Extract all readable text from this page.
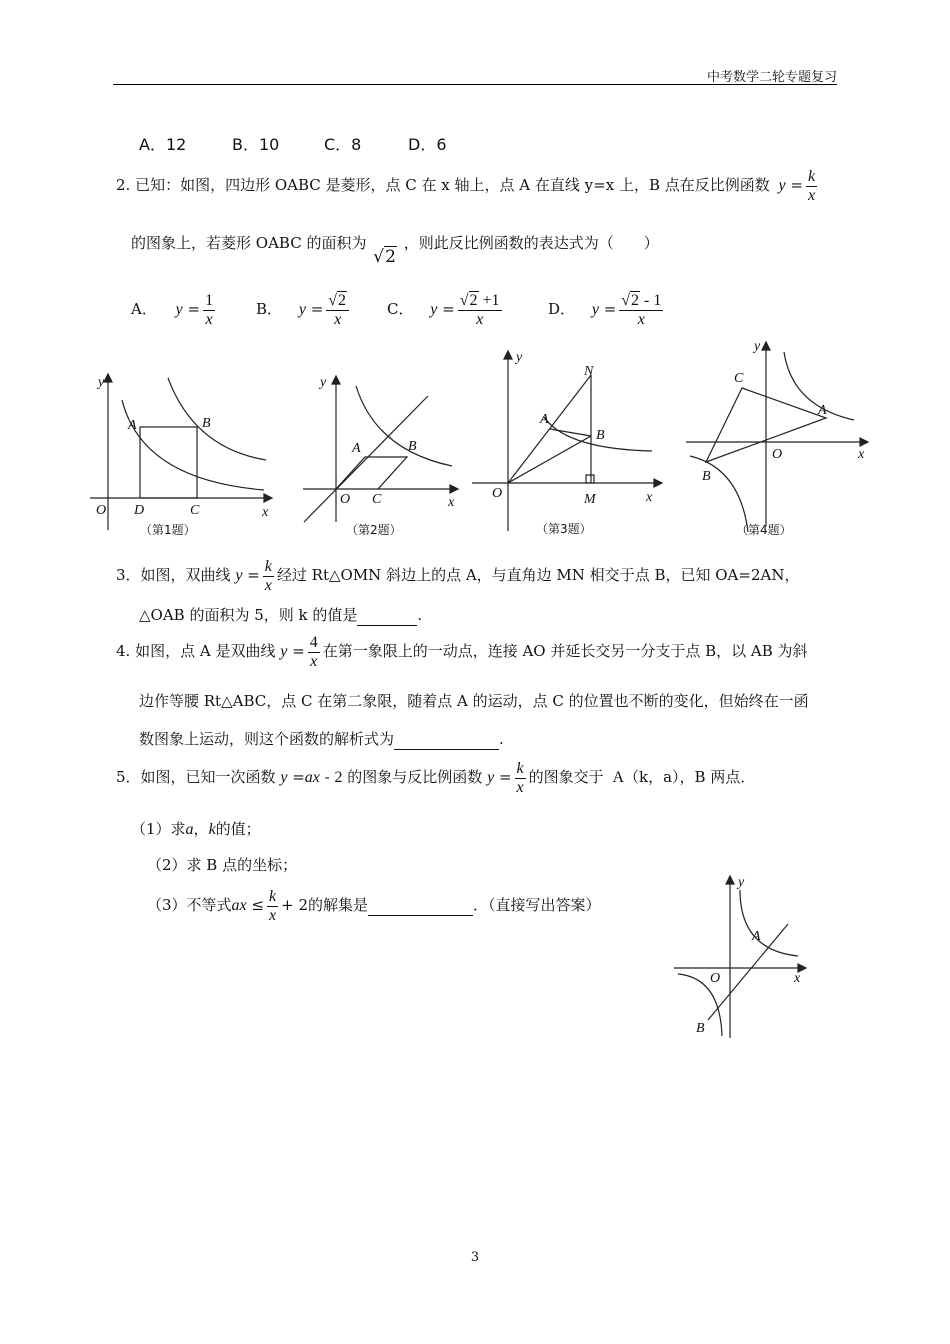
中考数学二轮专题复习
A．12	B．10	C．8	D．6
2. 已知：如图，四边形 OABC 是菱形，点 C 在 x 轴上，点 A 在直线 y=x 上，B 点在反比例函数 $y = \frac{k}{x}$
的图象上，若菱形 OABC 的面积为 √2 ，则此反比例函数的表达式为（　　）
A． $y = \frac{1}{x}$	B． $y = \frac{√2}{x}$	C． $y = \frac{√2 +1}{x}$	D． $y = \frac{√2 - 1}{x}$
y
A	B
O D	C	x
（第1题）
y
A	B
O C	x
（第2题）
y
N
A
B
O	M	x
（第3题）
y
C
A
B
O	x
（第4题）
3．如图，双曲线 $y = \frac{k}{x}$ 经过 Rt△OMN 斜边上的点 A，与直角边 MN 相交于点 B，已知 OA=2AN，
△OAB 的面积为 5，则 k 的值是　　　　	.
4. 如图，点 A 是双曲线 $y = \frac{4}{x}$ 在第一象限上的一动点，连接 AO 并延长交另一分支于点 B，以 AB 为斜
边作等腰 Rt△ABC，点 C 在第二象限，随着点 A 的运动，点 C 的位置也不断的变化，但始终在一函
数图象上运动，则这个函数的解析式为　　　　　　　	.
5．如图，已知一次函数 y =ax - 2 的图象与反比例函数 $y = \frac{k}{x}$ 的图象交于 A（k，a），B 两点．
（1）求a，k的值；
（2）求 B 点的坐标；
（3）不等式ax ≤ $\frac{k}{x} + 2$的解集是　　　　　　　	．（直接写出答案）
y
A
O
B
x
3
